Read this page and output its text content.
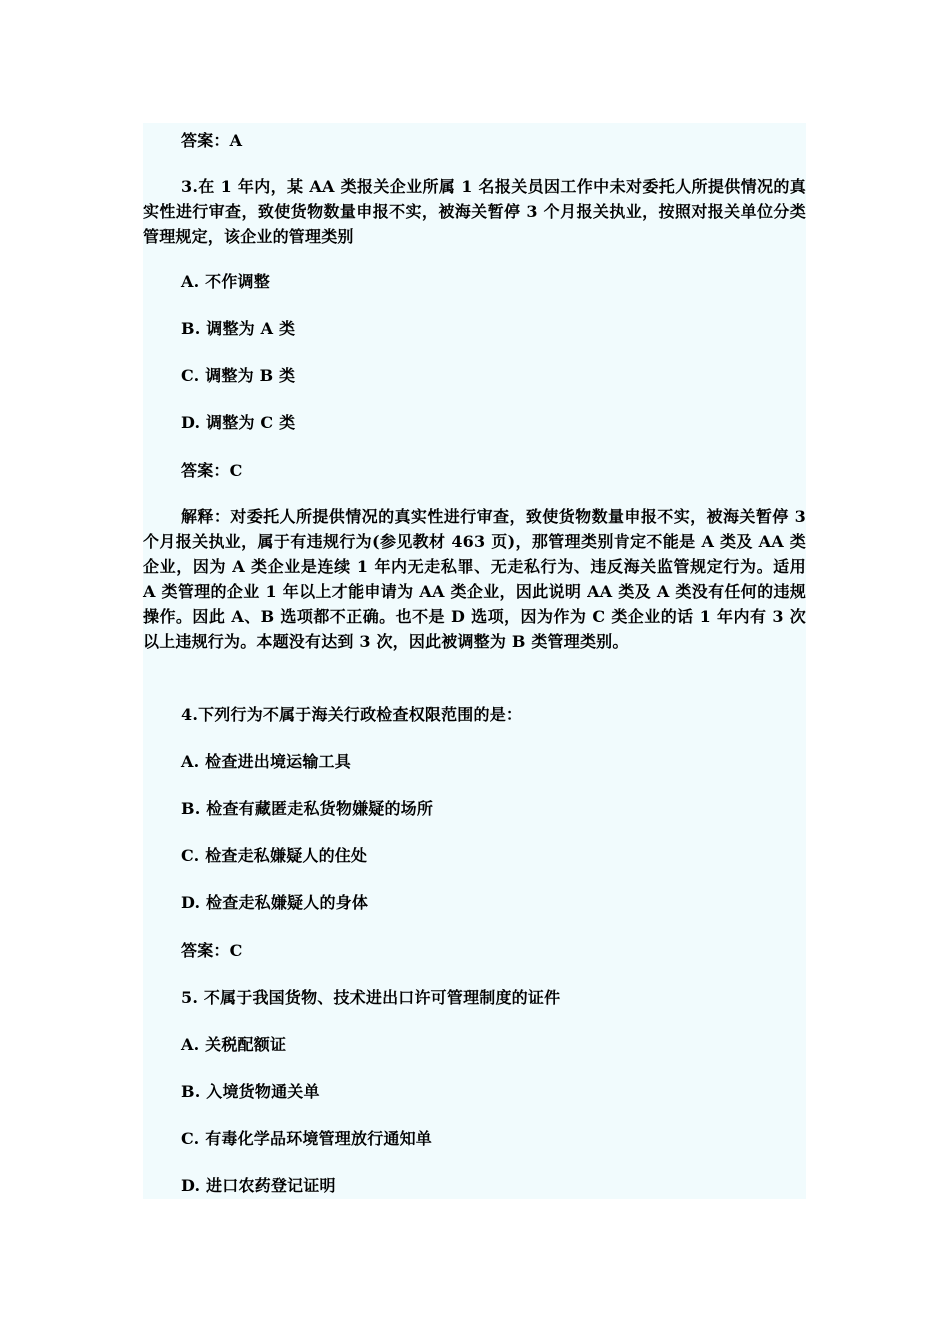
答案：A
3.在 1 年内，某 AA 类报关企业所属 1 名报关员因工作中未对委托人所提供情况的真实性进行审查，致使货物数量申报不实，被海关暂停 3 个月报关执业，按照对报关单位分类管理规定，该企业的管理类别
A. 不作调整
B. 调整为 A 类
C. 调整为 B 类
D. 调整为 C 类
答案：C
解释：对委托人所提供情况的真实性进行审查，致使货物数量申报不实，被海关暂停 3 个月报关执业，属于有违规行为(参见教材 463 页)，那管理类别肯定不能是 A 类及 AA 类企业，因为 A 类企业是连续 1 年内无走私罪、无走私行为、违反海关监管规定行为。适用 A 类管理的企业 1 年以上才能申请为 AA 类企业，因此说明 AA 类及 A 类没有任何的违规操作。因此 A、B 选项都不正确。也不是 D 选项，因为作为 C 类企业的话 1 年内有 3 次以上违规行为。本题没有达到 3 次，因此被调整为 B 类管理类别。
4.下列行为不属于海关行政检查权限范围的是：
A. 检查进出境运输工具
B. 检查有藏匿走私货物嫌疑的场所
C. 检查走私嫌疑人的住处
D. 检查走私嫌疑人的身体
答案：C
5. 不属于我国货物、技术进出口许可管理制度的证件
A. 关税配额证
B. 入境货物通关单
C. 有毒化学品环境管理放行通知单
D. 进口农药登记证明
